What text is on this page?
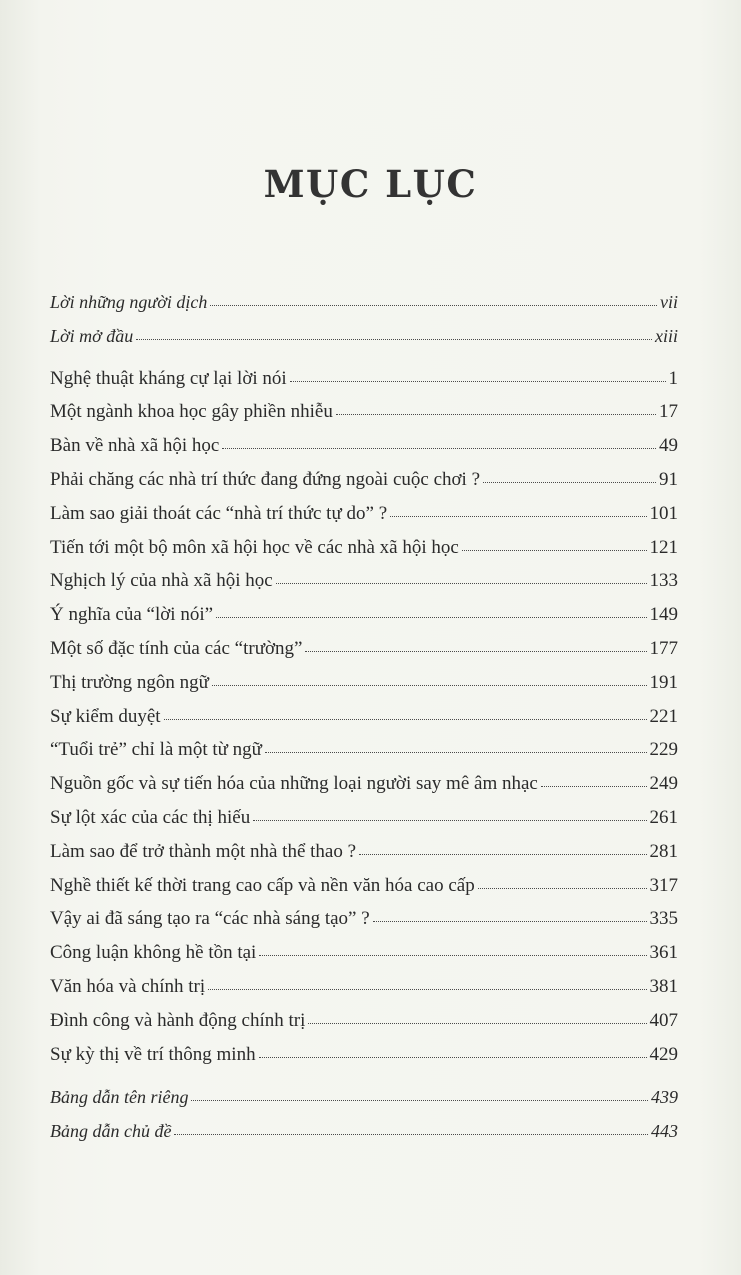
MỤC LỤC
Lời những người dịch	vii
Lời mở đầu	xiii
Nghệ thuật kháng cự lại lời nói	1
Một ngành khoa học gây phiền nhiễu	17
Bàn về nhà xã hội học	49
Phải chăng các nhà trí thức đang đứng ngoài cuộc chơi ?	91
Làm sao giải thoát các “nhà trí thức tự do” ?	101
Tiến tới một bộ môn xã hội học về các nhà xã hội học	121
Nghịch lý của nhà xã hội học	133
Ý nghĩa của “lời nói”	149
Một số đặc tính của các “trường”	177
Thị trường ngôn ngữ	191
Sự kiểm duyệt	221
“Tuổi trẻ” chỉ là một từ ngữ	229
Nguồn gốc và sự tiến hóa của những loại người say mê âm nhạc	249
Sự lột xác của các thị hiếu	261
Làm sao để trở thành một nhà thể thao ?	281
Nghề thiết kế thời trang cao cấp và nền văn hóa cao cấp	317
Vậy ai đã sáng tạo ra “các nhà sáng tạo” ?	335
Công luận không hề tồn tại	361
Văn hóa và chính trị	381
Đình công và hành động chính trị	407
Sự kỳ thị về trí thông minh	429
Bảng dẫn tên riêng	439
Bảng dẫn chủ đề	443
